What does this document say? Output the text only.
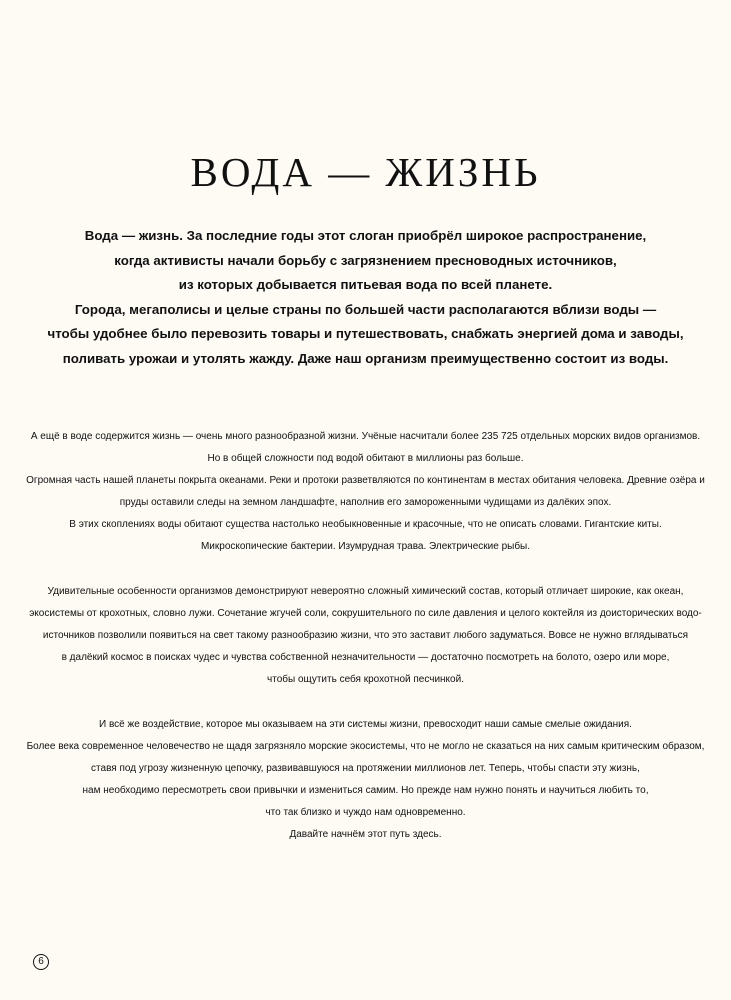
ВОДА — ЖИЗНЬ
Вода — жизнь. За последние годы этот слоган приобрёл широкое распространение,
когда активисты начали борьбу с загрязнением пресноводных источников,
из которых добывается питьевая вода по всей планете.
Города, мегаполисы и целые страны по большей части располагаются вблизи воды —
чтобы удобнее было перевозить товары и путешествовать, снабжать энергией дома и заводы,
поливать урожаи и утолять жажду. Даже наш организм преимущественно состоит из воды.
А ещё в воде содержится жизнь — очень много разнообразной жизни. Учёные насчитали более 235 725 отдельных морских видов организмов.
Но в общей сложности под водой обитают в миллионы раз больше.
Огромная часть нашей планеты покрыта океанами. Реки и протоки разветвляются по континентам в местах обитания человека. Древние озёра и
пруды оставили следы на земном ландшафте, наполнив его замороженными чудищами из далёких эпох.
В этих скоплениях воды обитают существа настолько необыкновенные и красочные, что не описать словами. Гигантские киты.
Микроскопические бактерии. Изумрудная трава. Электрические рыбы.
Удивительные особенности организмов демонстрируют невероятно сложный химический состав, который отличает широкие, как океан,
экосистемы от крохотных, словно лужи. Сочетание жгучей соли, сокрушительного по силе давления и целого коктейля из доисторических водо-
источников позволили появиться на свет такому разнообразию жизни, что это заставит любого задуматься. Вовсе не нужно вглядываться
в далёкий космос в поисках чудес и чувства собственной незначительности — достаточно посмотреть на болото, озеро или море,
чтобы ощутить себя крохотной песчинкой.
И всё же воздействие, которое мы оказываем на эти системы жизни, превосходит наши самые смелые ожидания.
Более века современное человечество не щадя загрязняло морские экосистемы, что не могло не сказаться на них самым критическим образом,
ставя под угрозу жизненную цепочку, развивавшуюся на протяжении миллионов лет. Теперь, чтобы спасти эту жизнь,
нам необходимо пересмотреть свои привычки и измениться самим. Но прежде нам нужно понять и научиться любить то,
что так близко и чуждо нам одновременно.
Давайте начнём этот путь здесь.
6
